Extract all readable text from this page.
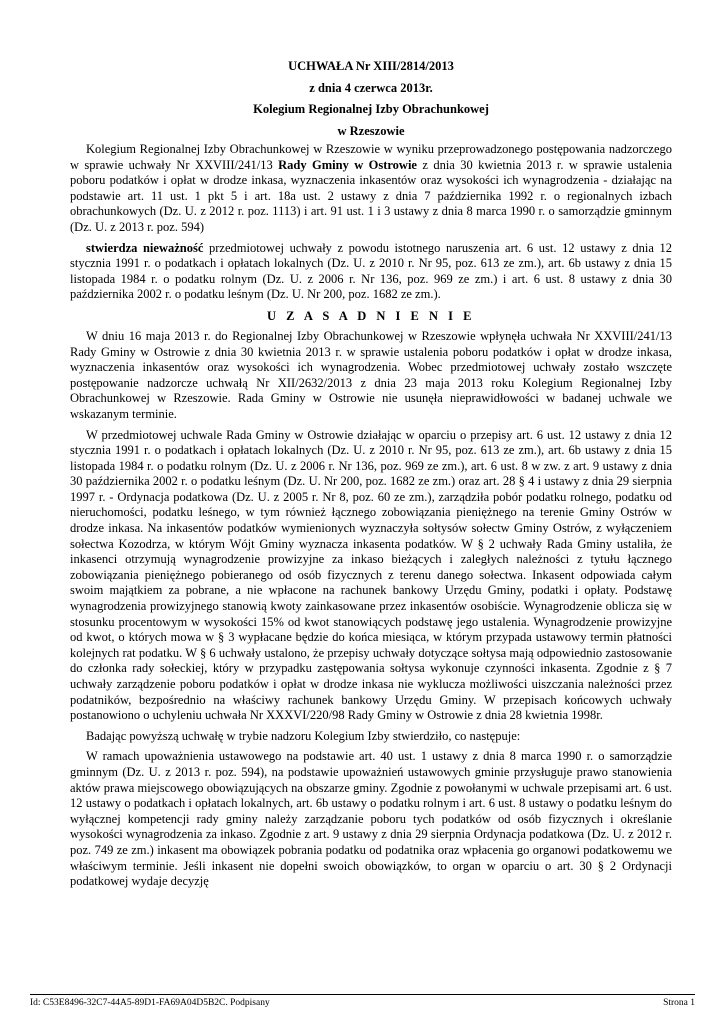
UCHWAŁA Nr XIII/2814/2013
z dnia 4 czerwca 2013r.
Kolegium Regionalnej Izby Obrachunkowej
w Rzeszowie

Kolegium Regionalnej Izby Obrachunkowej w Rzeszowie w wyniku przeprowadzonego postępowania nadzorczego w sprawie uchwały Nr XXVIII/241/13 Rady Gminy w Ostrowie z dnia 30 kwietnia 2013 r. w sprawie ustalenia poboru podatków i opłat w drodze inkasa, wyznaczenia inkasentów oraz wysokości ich wynagrodzenia - działając na podstawie art. 11 ust. 1 pkt 5 i art. 18a ust. 2 ustawy z dnia 7 października 1992 r. o regionalnych izbach obrachunkowych (Dz. U. z 2012 r. poz. 1113) i art. 91 ust. 1 i 3 ustawy z dnia 8 marca 1990 r. o samorządzie gminnym (Dz. U. z 2013 r. poz. 594)

stwierdza nieważność przedmiotowej uchwały z powodu istotnego naruszenia art. 6 ust. 12 ustawy z dnia 12 stycznia 1991 r. o podatkach i opłatach lokalnych (Dz. U. z 2010 r. Nr 95, poz. 613 ze zm.), art. 6b ustawy z dnia 15 listopada 1984 r. o podatku rolnym (Dz. U. z 2006 r. Nr 136, poz. 969 ze zm.) i art. 6 ust. 8 ustawy z dnia 30 października 2002 r. o podatku leśnym (Dz. U. Nr 200, poz. 1682 ze zm.).

U Z A S A D N I E N I E

W dniu 16 maja 2013 r. do Regionalnej Izby Obrachunkowej w Rzeszowie wpłynęła uchwała Nr XXVIII/241/13 Rady Gminy w Ostrowie z dnia 30 kwietnia 2013 r. w sprawie ustalenia poboru podatków i opłat w drodze inkasa, wyznaczenia inkasentów oraz wysokości ich wynagrodzenia. Wobec przedmiotowej uchwały zostało wszczęte postępowanie nadzorcze uchwałą Nr XII/2632/2013 z dnia 23 maja 2013 roku Kolegium Regionalnej Izby Obrachunkowej w Rzeszowie. Rada Gminy w Ostrowie nie usunęła nieprawidłowości w badanej uchwale we wskazanym terminie.

W przedmiotowej uchwale Rada Gminy w Ostrowie działając w oparciu o przepisy art. 6 ust. 12 ustawy z dnia 12 stycznia 1991 r. o podatkach i opłatach lokalnych (Dz. U. z 2010 r. Nr 95, poz. 613 ze zm.), art. 6b ustawy z dnia 15 listopada 1984 r. o podatku rolnym (Dz. U. z 2006 r. Nr 136, poz. 969 ze zm.), art. 6 ust. 8 w zw. z art. 9 ustawy z dnia 30 października 2002 r. o podatku leśnym (Dz. U. Nr 200, poz. 1682 ze zm.) oraz art. 28 § 4 i ustawy z dnia 29 sierpnia 1997 r. - Ordynacja podatkowa (Dz. U. z 2005 r. Nr 8, poz. 60 ze zm.), zarządziła pobór podatku rolnego, podatku od nieruchomości, podatku leśnego, w tym również łącznego zobowiązania pieniężnego na terenie Gminy Ostrów w drodze inkasa. Na inkasentów podatków wymienionych wyznaczyła sołtysów sołectw Gminy Ostrów, z wyłączeniem sołectwa Kozodrza, w którym Wójt Gminy wyznacza inkasenta podatków. W § 2 uchwały Rada Gminy ustaliła, że inkasenci otrzymują wynagrodzenie prowizyjne za inkaso bieżących i zaległych należności z tytułu łącznego zobowiązania pieniężnego pobieranego od osób fizycznych z terenu danego sołectwa. Inkasent odpowiada całym swoim majątkiem za pobrane, a nie wpłacone na rachunek bankowy Urzędu Gminy, podatki i opłaty. Podstawę wynagrodzenia prowizyjnego stanowią kwoty zainkasowane przez inkasentów osobiście. Wynagrodzenie oblicza się w stosunku procentowym w wysokości 15% od kwot stanowiących podstawę jego ustalenia. Wynagrodzenie prowizyjne od kwot, o których mowa w § 3 wypłacane będzie do końca miesiąca, w którym przypada ustawowy termin płatności kolejnych rat podatku. W § 6 uchwały ustalono, że przepisy uchwały dotyczące sołtysa mają odpowiednio zastosowanie do członka rady sołeckiej, który w przypadku zastępowania sołtysa wykonuje czynności inkasenta. Zgodnie z § 7 uchwały zarządzenie poboru podatków i opłat w drodze inkasa nie wyklucza możliwości uiszczania należności przez podatników, bezpośrednio na właściwy rachunek bankowy Urzędu Gminy. W przepisach końcowych uchwały postanowiono o uchyleniu uchwała Nr XXXVI/220/98 Rady Gminy w Ostrowie z dnia 28 kwietnia 1998r.

Badając powyższą uchwałę w trybie nadzoru Kolegium Izby stwierdziło, co następuje:

W ramach upoważnienia ustawowego na podstawie art. 40 ust. 1 ustawy z dnia 8 marca 1990 r. o samorządzie gminnym (Dz. U. z 2013 r. poz. 594), na podstawie upoważnień ustawowych gminie przysługuje prawo stanowienia aktów prawa miejscowego obowiązujących na obszarze gminy. Zgodnie z powołanymi w uchwale przepisami art. 6 ust. 12 ustawy o podatkach i opłatach lokalnych, art. 6b ustawy o podatku rolnym i art. 6 ust. 8 ustawy o podatku leśnym do wyłącznej kompetencji rady gminy należy zarządzanie poboru tych podatków od osób fizycznych i określanie wysokości wynagrodzenia za inkaso. Zgodnie z art. 9 ustawy z dnia 29 sierpnia Ordynacja podatkowa (Dz. U. z 2012 r. poz. 749 ze zm.) inkasent ma obowiązek pobrania podatku od podatnika oraz wpłacenia go organowi podatkowemu we właściwym terminie. Jeśli inkasent nie dopełni swoich obowiązków, to organ w oparciu o art. 30 § 2 Ordynacji podatkowej wydaje decyzję

Id: C53E8496-32C7-44A5-89D1-FA69A04D5B2C. Podpisany	Strona 1
